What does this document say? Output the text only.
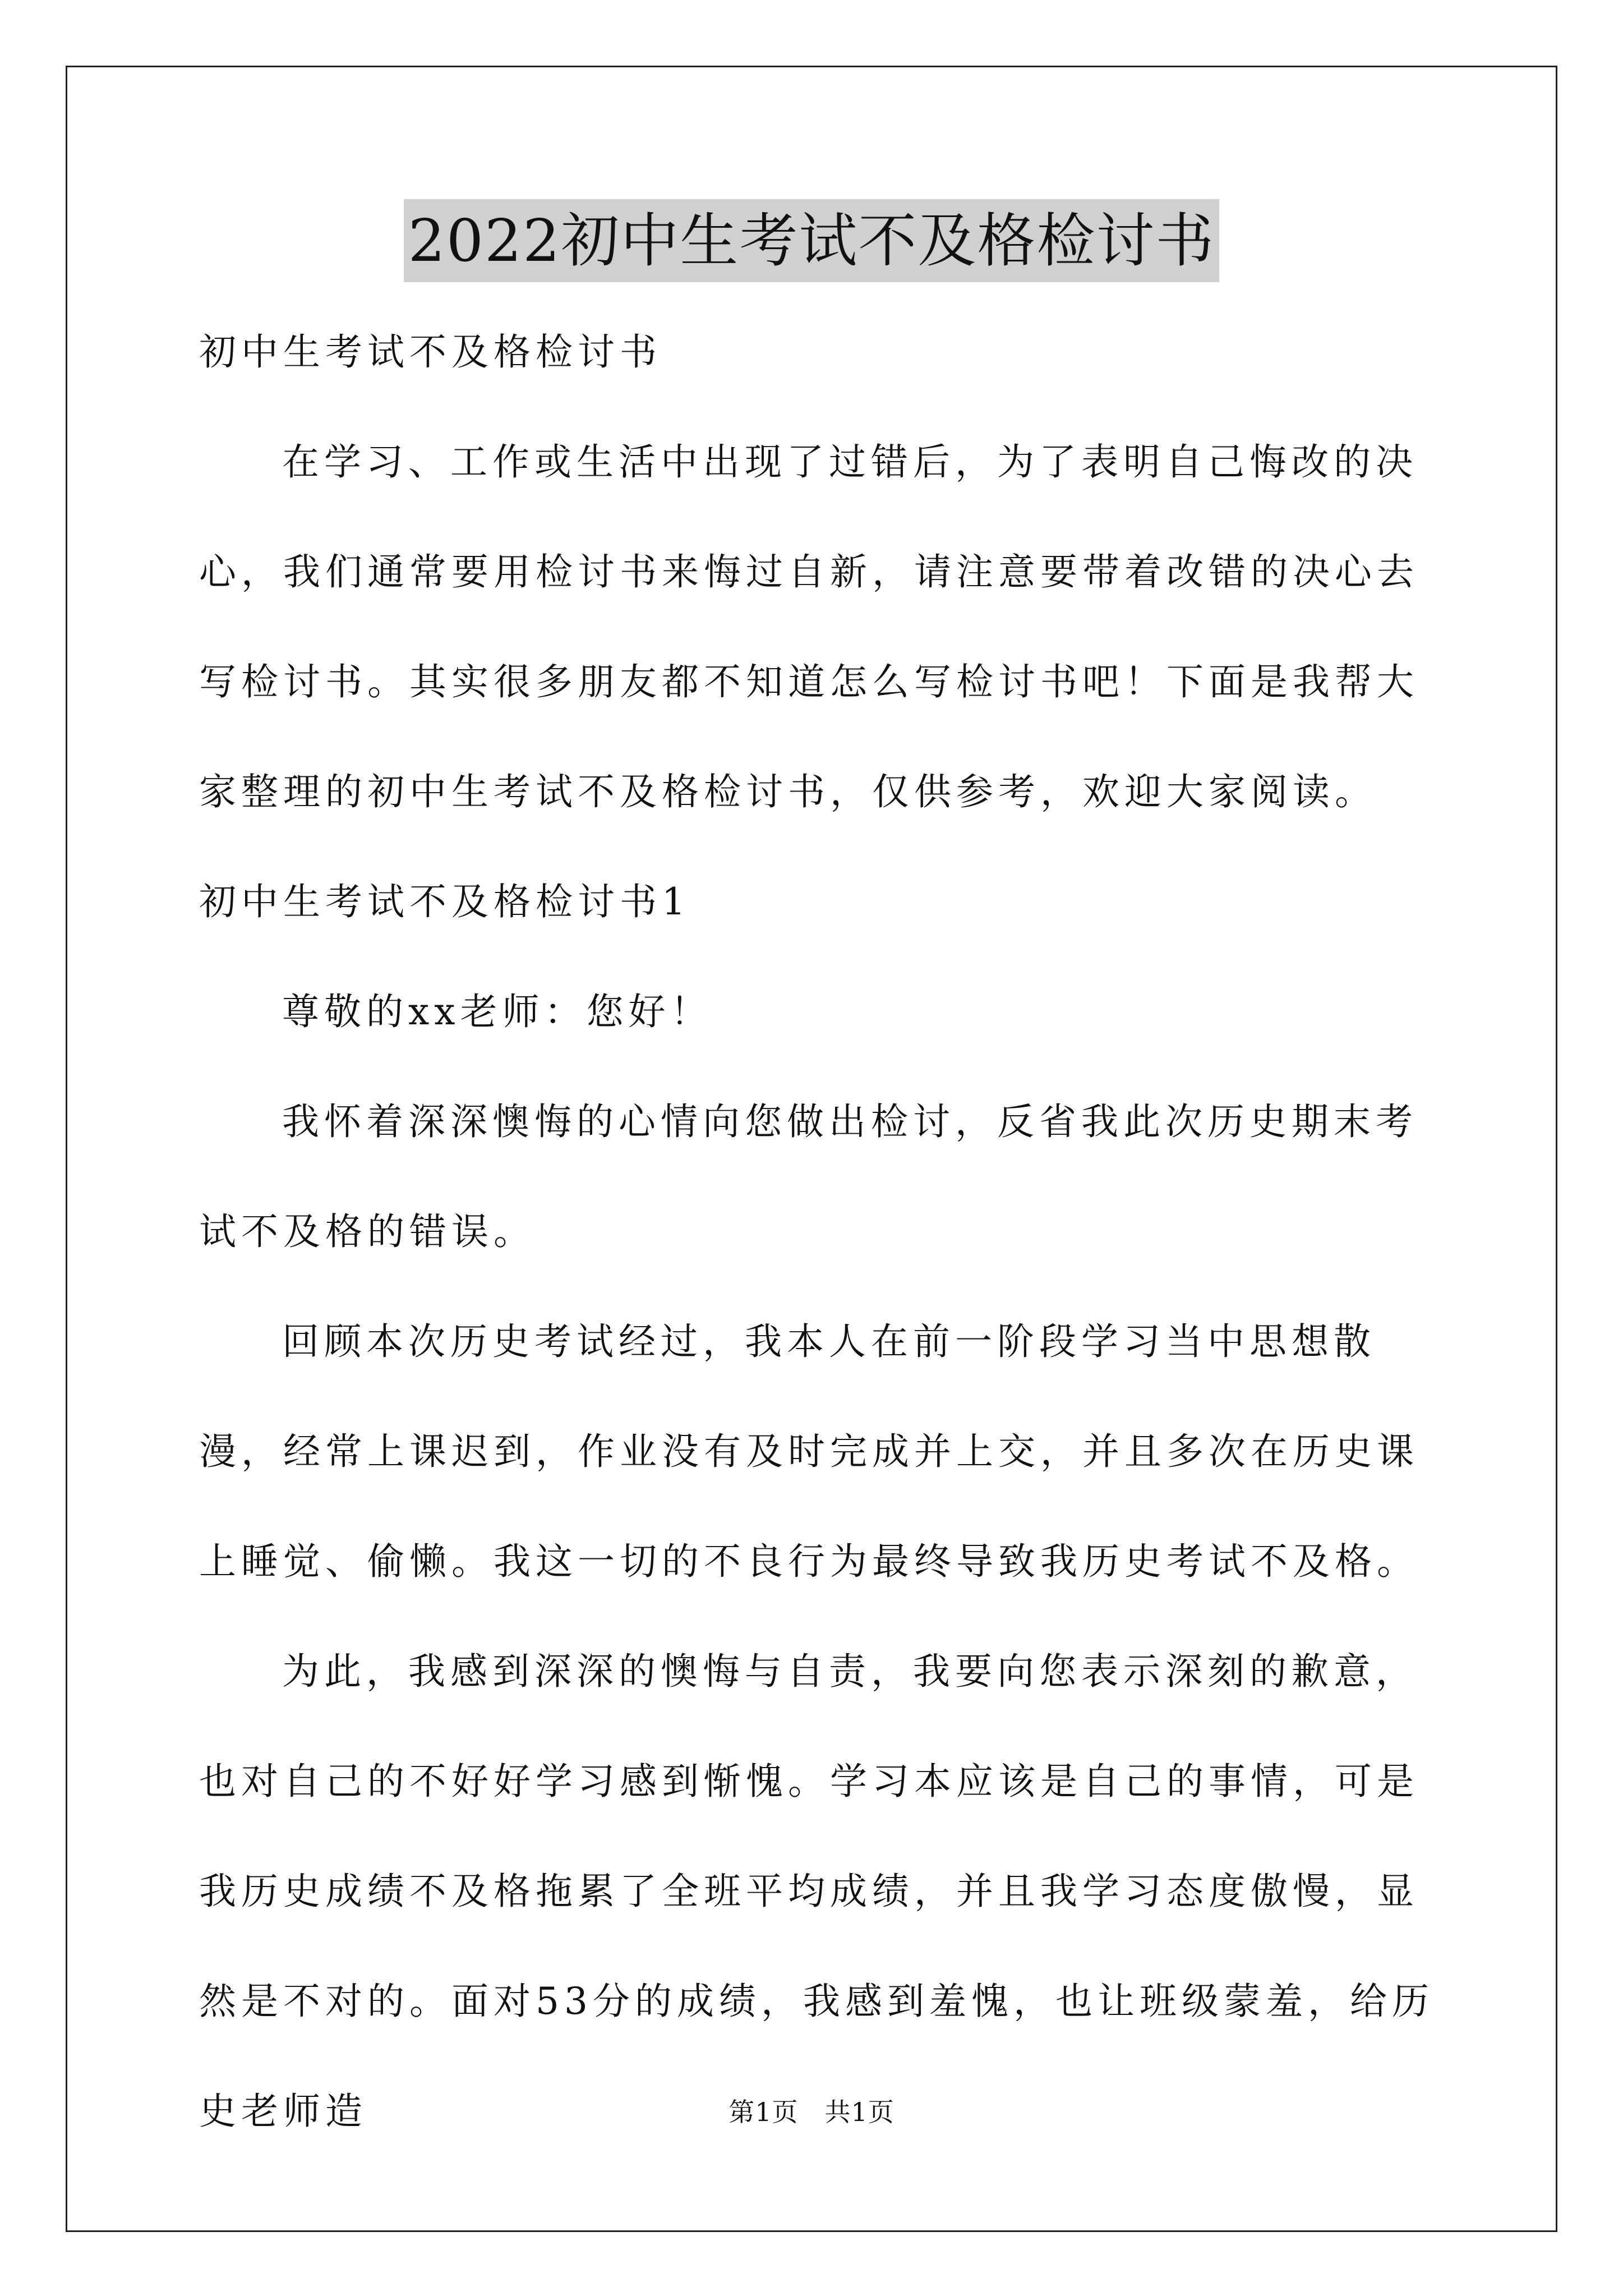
2022初中生考试不及格检讨书

初中生考试不及格检讨书

在学习、工作或生活中出现了过错后，为了表明自己悔改的决心，我们通常要用检讨书来悔过自新，请注意要带着改错的决心去写检讨书。其实很多朋友都不知道怎么写检讨书吧！下面是我帮大家整理的初中生考试不及格检讨书，仅供参考，欢迎大家阅读。

初中生考试不及格检讨书1

尊敬的xx老师：您好！

我怀着深深懊悔的心情向您做出检讨，反省我此次历史期末考试不及格的错误。

回顾本次历史考试经过，我本人在前一阶段学习当中思想散漫，经常上课迟到，作业没有及时完成并上交，并且多次在历史课上睡觉、偷懒。我这一切的不良行为最终导致我历史考试不及格。

为此，我感到深深的懊悔与自责，我要向您表示深刻的歉意，也对自己的不好好学习感到惭愧。学习本应该是自己的事情，可是我历史成绩不及格拖累了全班平均成绩，并且我学习态度傲慢，显然是不对的。面对53分的成绩，我感到羞愧，也让班级蒙羞，给历史老师造	第1页　共1页
